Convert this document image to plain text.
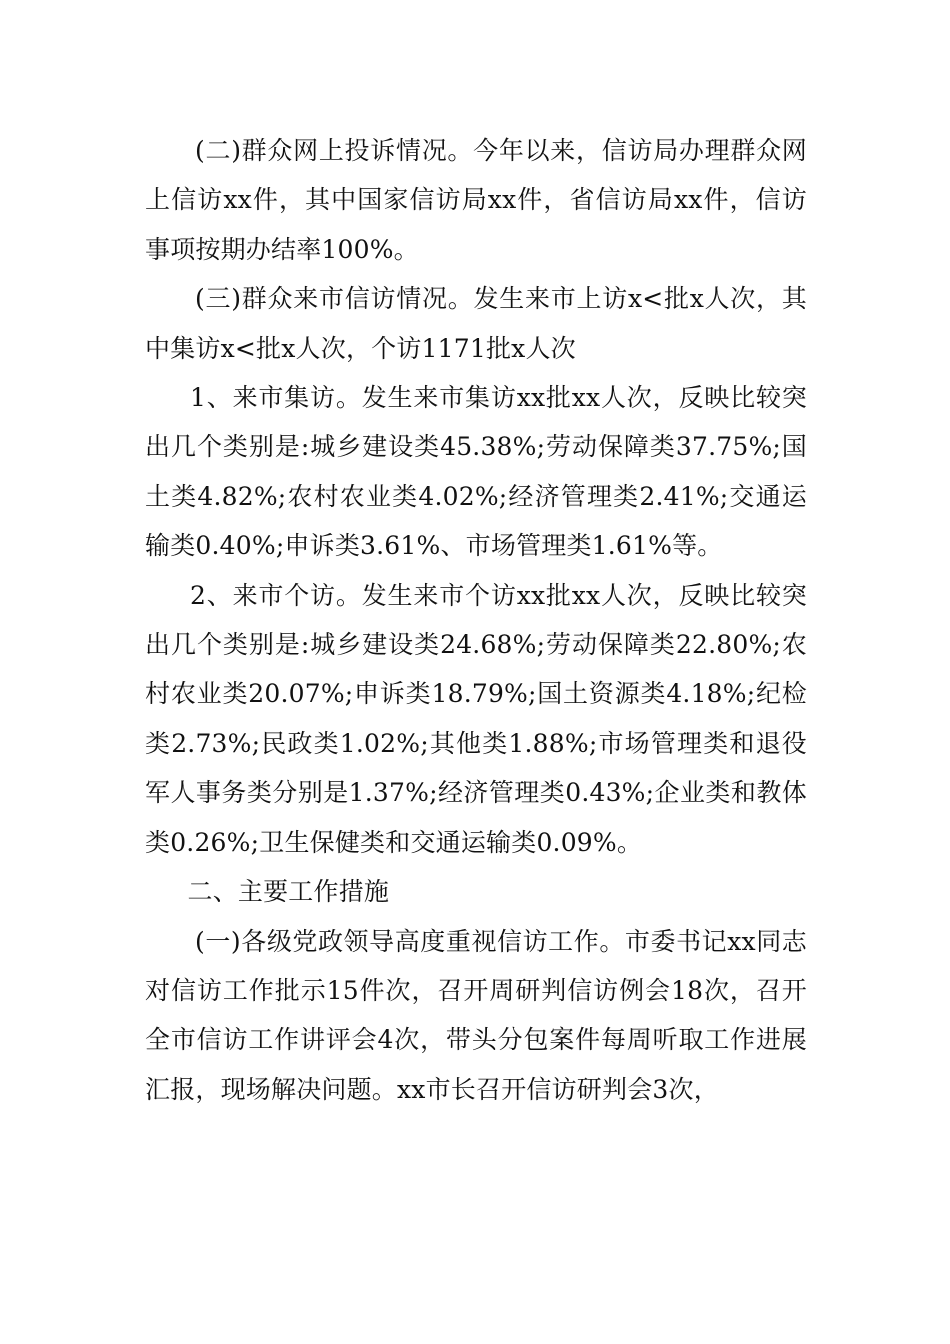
(二)群众网上投诉情况。今年以来，信访局办理群众网上信访xx件，其中国家信访局xx件，省信访局xx件，信访事项按期办结率100%。

(三)群众来市信访情况。发生来市上访x<批x人次，其中集访x<批x人次，个访1171批x人次

1、来市集访。发生来市集访xx批xx人次，反映比较突出几个类别是:城乡建设类45.38%;劳动保障类37.75%;国土类4.82%;农村农业类4.02%;经济管理类2.41%;交通运输类0.40%;申诉类3.61%、市场管理类1.61%等。

2、来市个访。发生来市个访xx批xx人次，反映比较突出几个类别是:城乡建设类24.68%;劳动保障类22.80%;农村农业类20.07%;申诉类18.79%;国土资源类4.18%;纪检类2.73%;民政类1.02%;其他类1.88%;市场管理类和退役军人事务类分别是1.37%;经济管理类0.43%;企业类和教体类0.26%;卫生保健类和交通运输类0.09%。

二、主要工作措施

(一)各级党政领导高度重视信访工作。市委书记xx同志对信访工作批示15件次，召开周研判信访例会18次，召开全市信访工作讲评会4次，带头分包案件每周听取工作进展汇报，现场解决问题。xx市长召开信访研判会3次，
